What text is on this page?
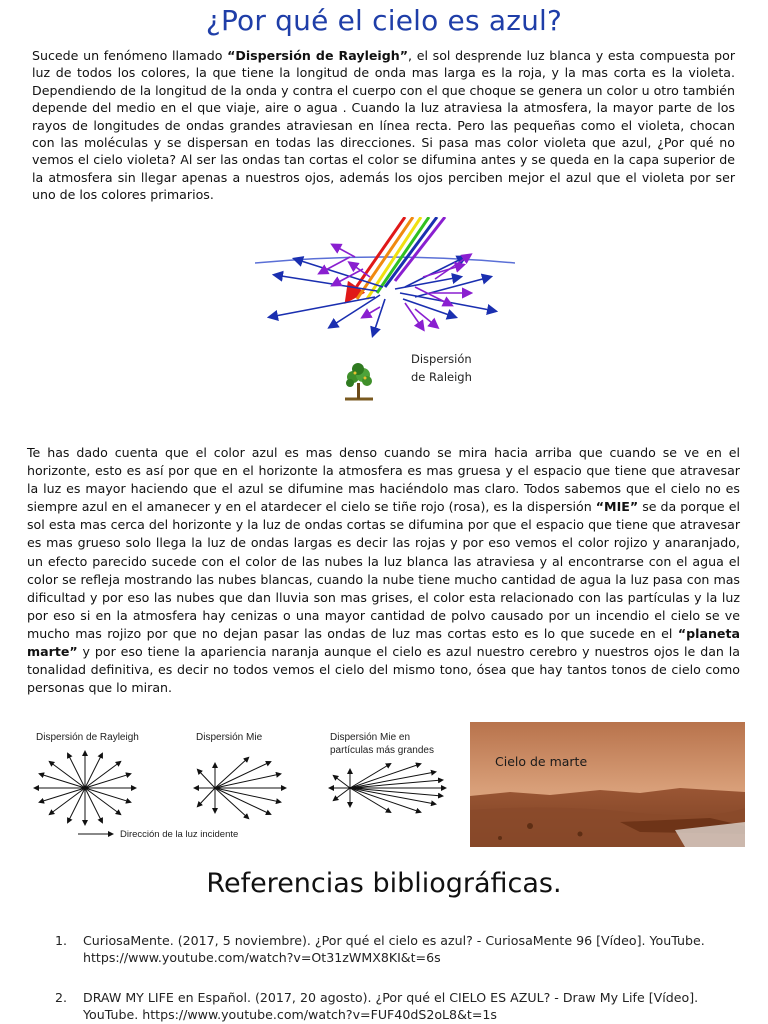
¿Por qué el cielo es azul?
Sucede un fenómeno llamado “Dispersión de Rayleigh”, el sol desprende luz blanca y esta compuesta por luz de todos los colores, la que tiene la longitud de onda mas larga es la roja, y la mas corta es la violeta. Dependiendo de la longitud de la onda y contra el cuerpo con el que choque se genera un color u otro también depende del medio en el que viaje, aire o agua . Cuando la luz atraviesa la atmosfera, la mayor parte de los rayos de longitudes de ondas grandes atraviesan en línea recta. Pero las pequeñas como el violeta, chocan con las moléculas y se dispersan en todas las direcciones. Si pasa mas color violeta que azul, ¿Por qué no vemos el cielo violeta? Al ser las ondas tan cortas el color se difumina antes y se queda en la capa superior de la atmosfera sin llegar apenas a nuestros ojos, además los ojos perciben mejor el azul que el violeta por ser uno de los colores primarios.
Dispersión
de Raleigh
Te has dado cuenta que el color azul es mas denso cuando se mira hacia arriba que cuando se ve en el horizonte, esto es así por que en el horizonte la atmosfera es mas gruesa y el espacio que tiene que atravesar la luz es mayor haciendo que el azul se difumine mas haciéndolo mas claro. Todos sabemos que el cielo no es siempre azul en el amanecer y en el atardecer el cielo se tiñe rojo (rosa), es la dispersión “MIE” se da porque el sol esta mas cerca del horizonte y la luz de ondas cortas se difumina por que el espacio que tiene que atravesar es mas grueso solo llega la luz de ondas largas es decir las rojas y por eso vemos el color rojizo y anaranjado, un efecto parecido sucede con el color de las nubes la luz blanca las atraviesa y al encontrarse con el agua el color se refleja mostrando las nubes blancas, cuando la nube tiene mucho cantidad de agua la luz pasa con mas dificultad y por eso las nubes que dan lluvia son mas grises, el color esta relacionado con las partículas y la luz por eso si en la atmosfera hay cenizas o una mayor cantidad de polvo causado por un incendio el cielo se ve mucho mas rojizo por que no dejan pasar las ondas de luz mas cortas esto es lo que sucede en el “planeta marte” y por eso tiene la apariencia naranja aunque el cielo es azul nuestro cerebro y nuestros ojos le dan la tonalidad definitiva, es decir no todos vemos el cielo del mismo tono, ósea que hay tantos tonos de cielo como personas que lo miran.
Dispersión de Rayleigh	Dispersión Mie	Dispersión Mie en
partículas más grandes
Dirección de la luz incidente
Cielo de marte
Referencias bibliográficas.
1. CuriosaMente. (2017, 5 noviembre). ¿Por qué el cielo es azul? - CuriosaMente 96 [Vídeo]. YouTube. https://www.youtube.com/watch?v=Ot31zWMX8KI&t=6s
2. DRAW MY LIFE en Español. (2017, 20 agosto). ¿Por qué el CIELO ES AZUL? - Draw My Life [Vídeo]. YouTube. https://www.youtube.com/watch?v=FUF40dS2oL8&t=1s
